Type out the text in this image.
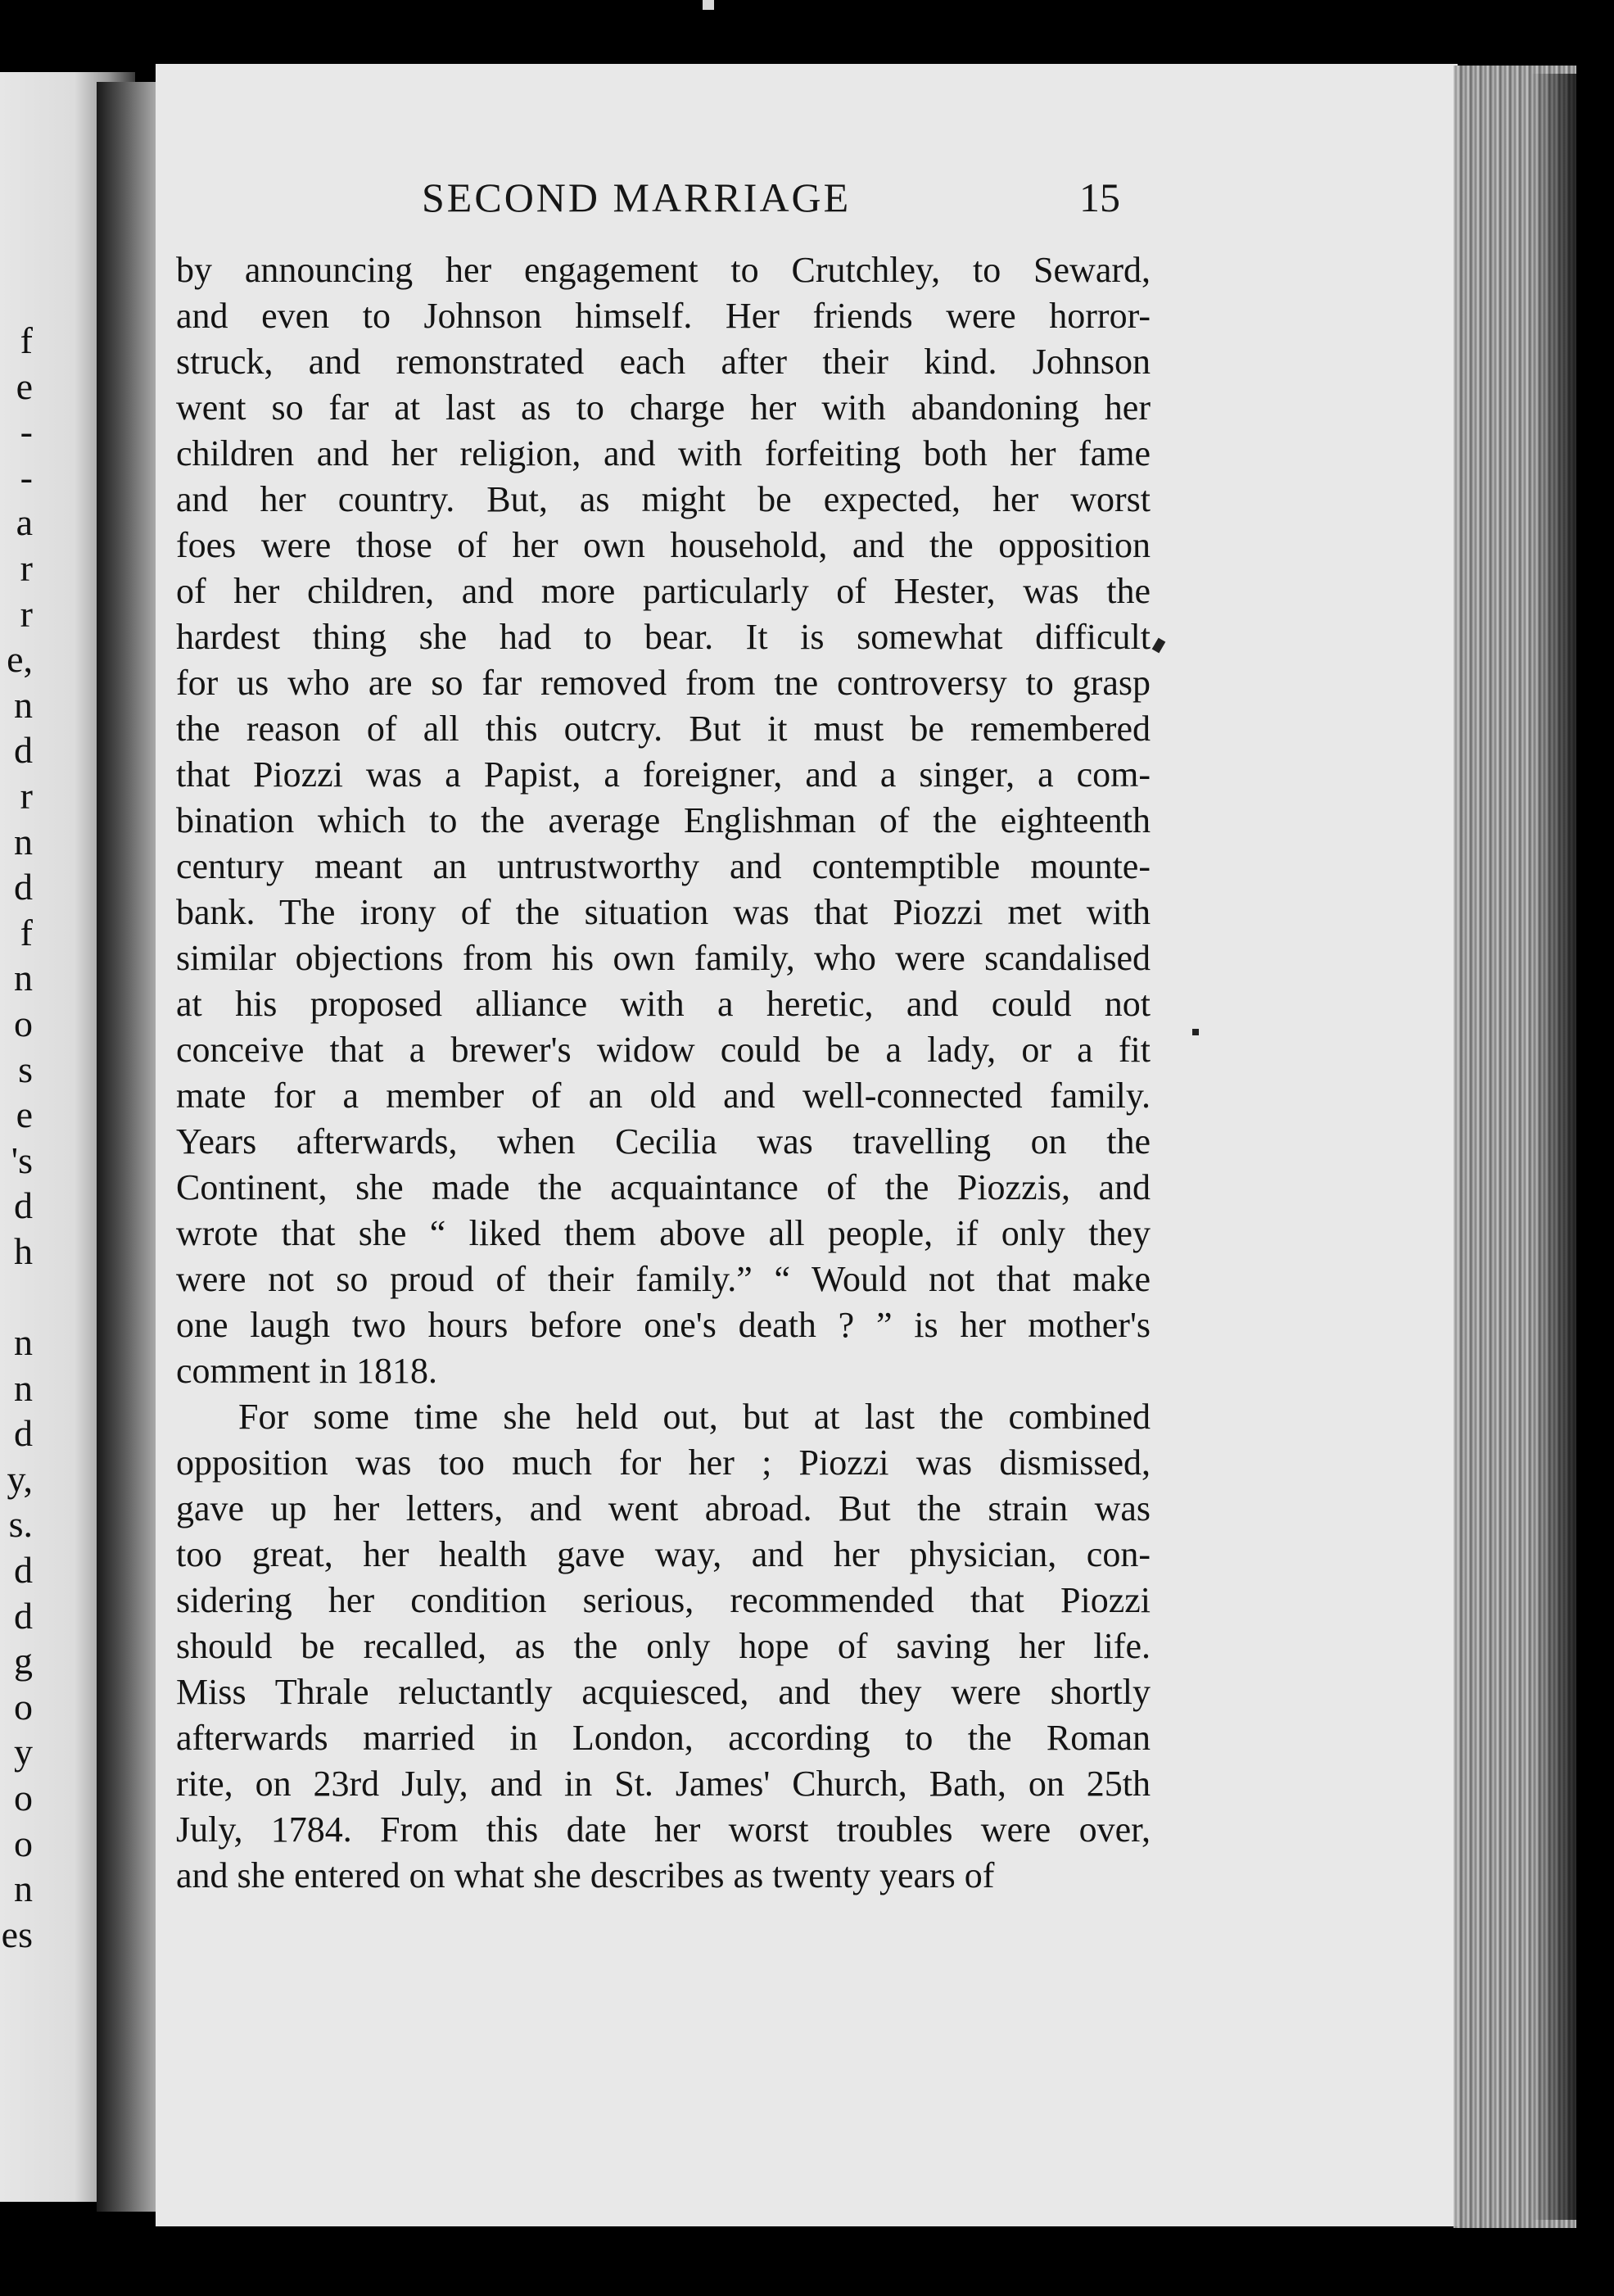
f
e
-
-
a
r
r
e,
n
d
r
n
d
f
n
o
s
e
's
d
h
n
n
d
y,
s.
d
d
g
o
y
o
o
n
es
SECOND MARRIAGE	15
by announcing her engagement to Crutchley, to Seward,
and even to Johnson himself. Her friends were horror-
struck, and remonstrated each after their kind. Johnson
went so far at last as to charge her with abandoning her
children and her religion, and with forfeiting both her fame
and her country. But, as might be expected, her worst
foes were those of her own household, and the opposition
of her children, and more particularly of Hester, was the
hardest thing she had to bear. It is somewhat difficult
for us who are so far removed from tne controversy to grasp
the reason of all this outcry. But it must be remembered
that Piozzi was a Papist, a foreigner, and a singer, a com-
bination which to the average Englishman of the eighteenth
century meant an untrustworthy and contemptible mounte-
bank. The irony of the situation was that Piozzi met with
similar objections from his own family, who were scandalised
at his proposed alliance with a heretic, and could not
conceive that a brewer's widow could be a lady, or a fit
mate for a member of an old and well-connected family.
Years afterwards, when Cecilia was travelling on the
Continent, she made the acquaintance of the Piozzis, and
wrote that she “ liked them above all people, if only they
were not so proud of their family.” “ Would not that make
one laugh two hours before one's death ? ” is her mother's
comment in 1818.
For some time she held out, but at last the combined
opposition was too much for her ; Piozzi was dismissed,
gave up her letters, and went abroad. But the strain was
too great, her health gave way, and her physician, con-
sidering her condition serious, recommended that Piozzi
should be recalled, as the only hope of saving her life.
Miss Thrale reluctantly acquiesced, and they were shortly
afterwards married in London, according to the Roman
rite, on 23rd July, and in St. James' Church, Bath, on 25th
July, 1784. From this date her worst troubles were over,
and she entered on what she describes as twenty years of
